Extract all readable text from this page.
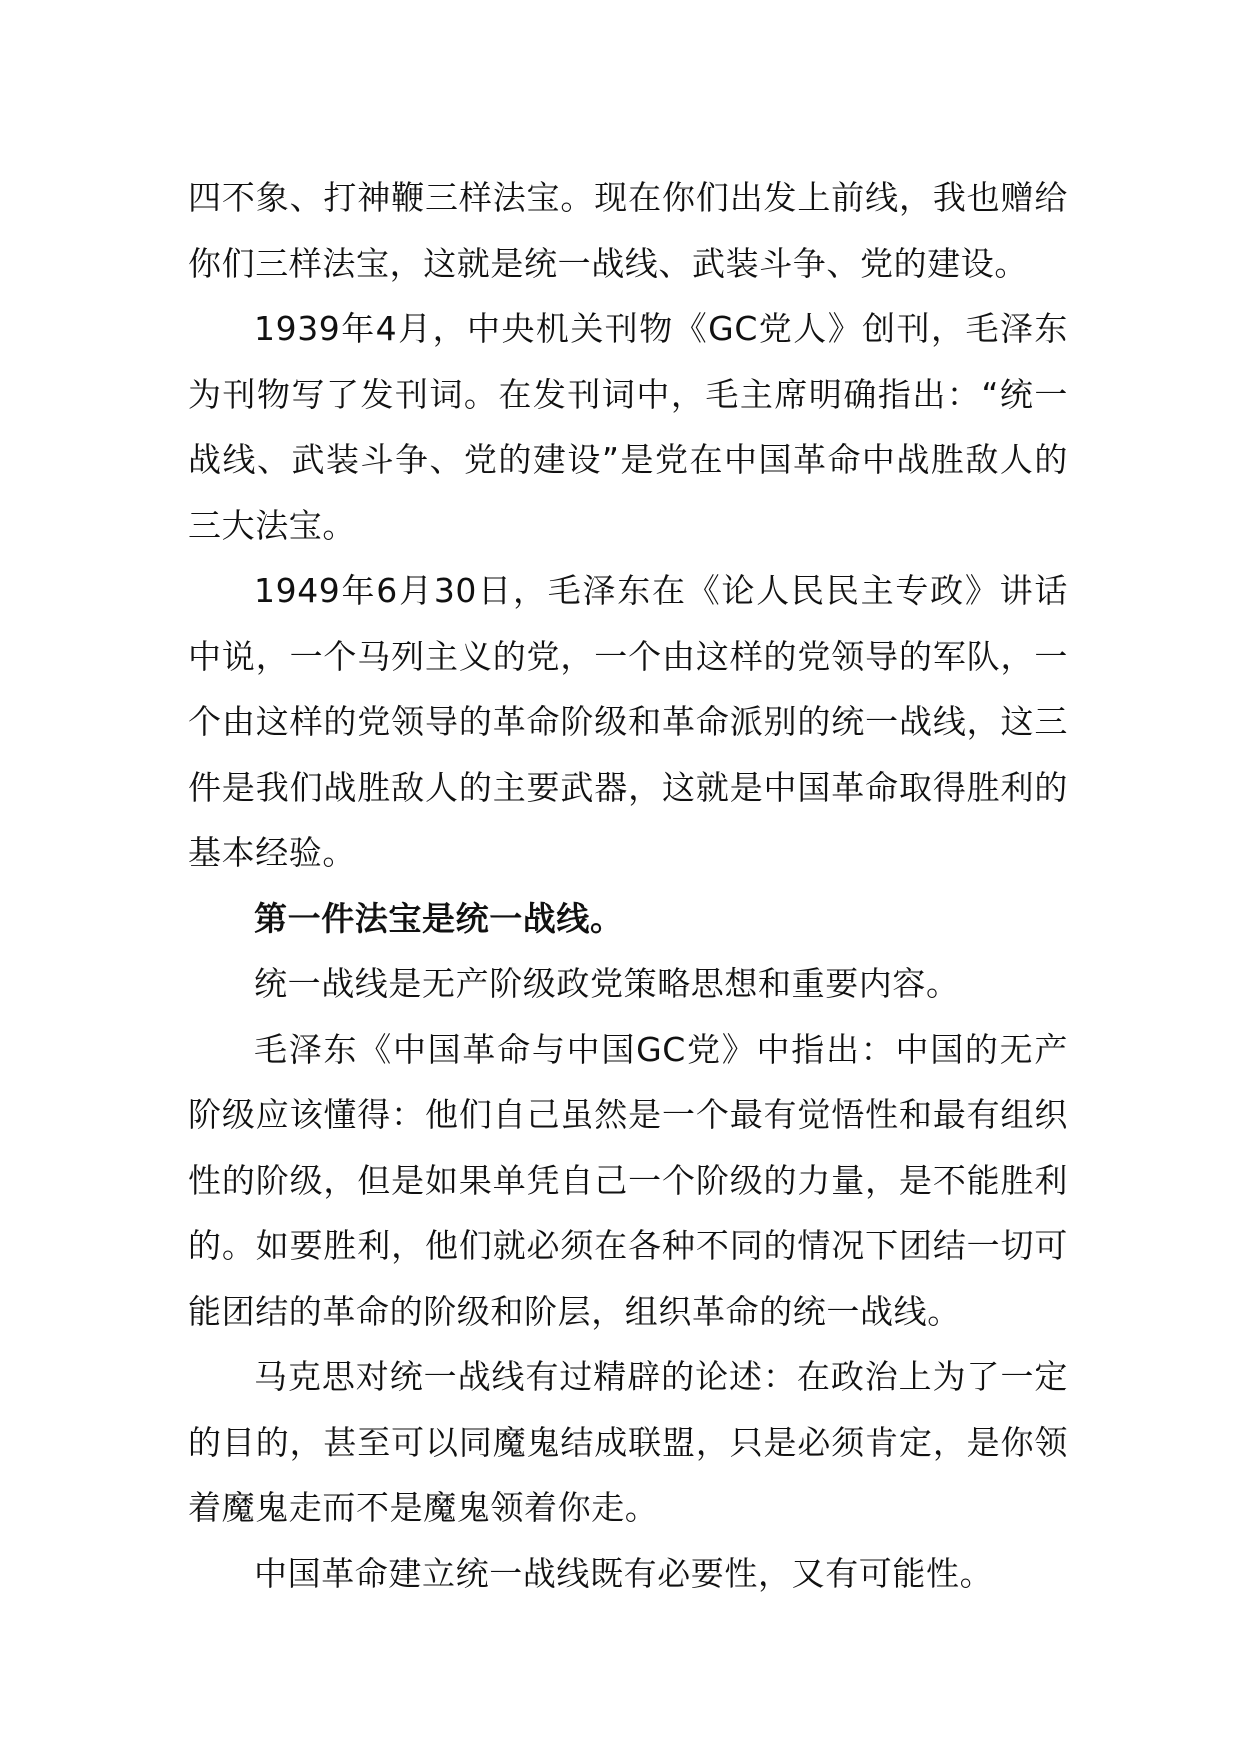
四不象、打神鞭三样法宝。现在你们出发上前线，我也赠给你们三样法宝，这就是统一战线、武装斗争、党的建设。

1939年4月，中央机关刊物《GC党人》创刊，毛泽东为刊物写了发刊词。在发刊词中，毛主席明确指出：“统一战线、武装斗争、党的建设”是党在中国革命中战胜敌人的三大法宝。

1949年6月30日，毛泽东在《论人民民主专政》讲话中说，一个马列主义的党，一个由这样的党领导的军队，一个由这样的党领导的革命阶级和革命派别的统一战线，这三件是我们战胜敌人的主要武器，这就是中国革命取得胜利的基本经验。

第一件法宝是统一战线。

统一战线是无产阶级政党策略思想和重要内容。

毛泽东《中国革命与中国GC党》中指出：中国的无产阶级应该懂得：他们自己虽然是一个最有觉悟性和最有组织性的阶级，但是如果单凭自己一个阶级的力量，是不能胜利的。如要胜利，他们就必须在各种不同的情况下团结一切可能团结的革命的阶级和阶层，组织革命的统一战线。

马克思对统一战线有过精辟的论述：在政治上为了一定的目的，甚至可以同魔鬼结成联盟，只是必须肯定，是你领着魔鬼走而不是魔鬼领着你走。

中国革命建立统一战线既有必要性，又有可能性。
